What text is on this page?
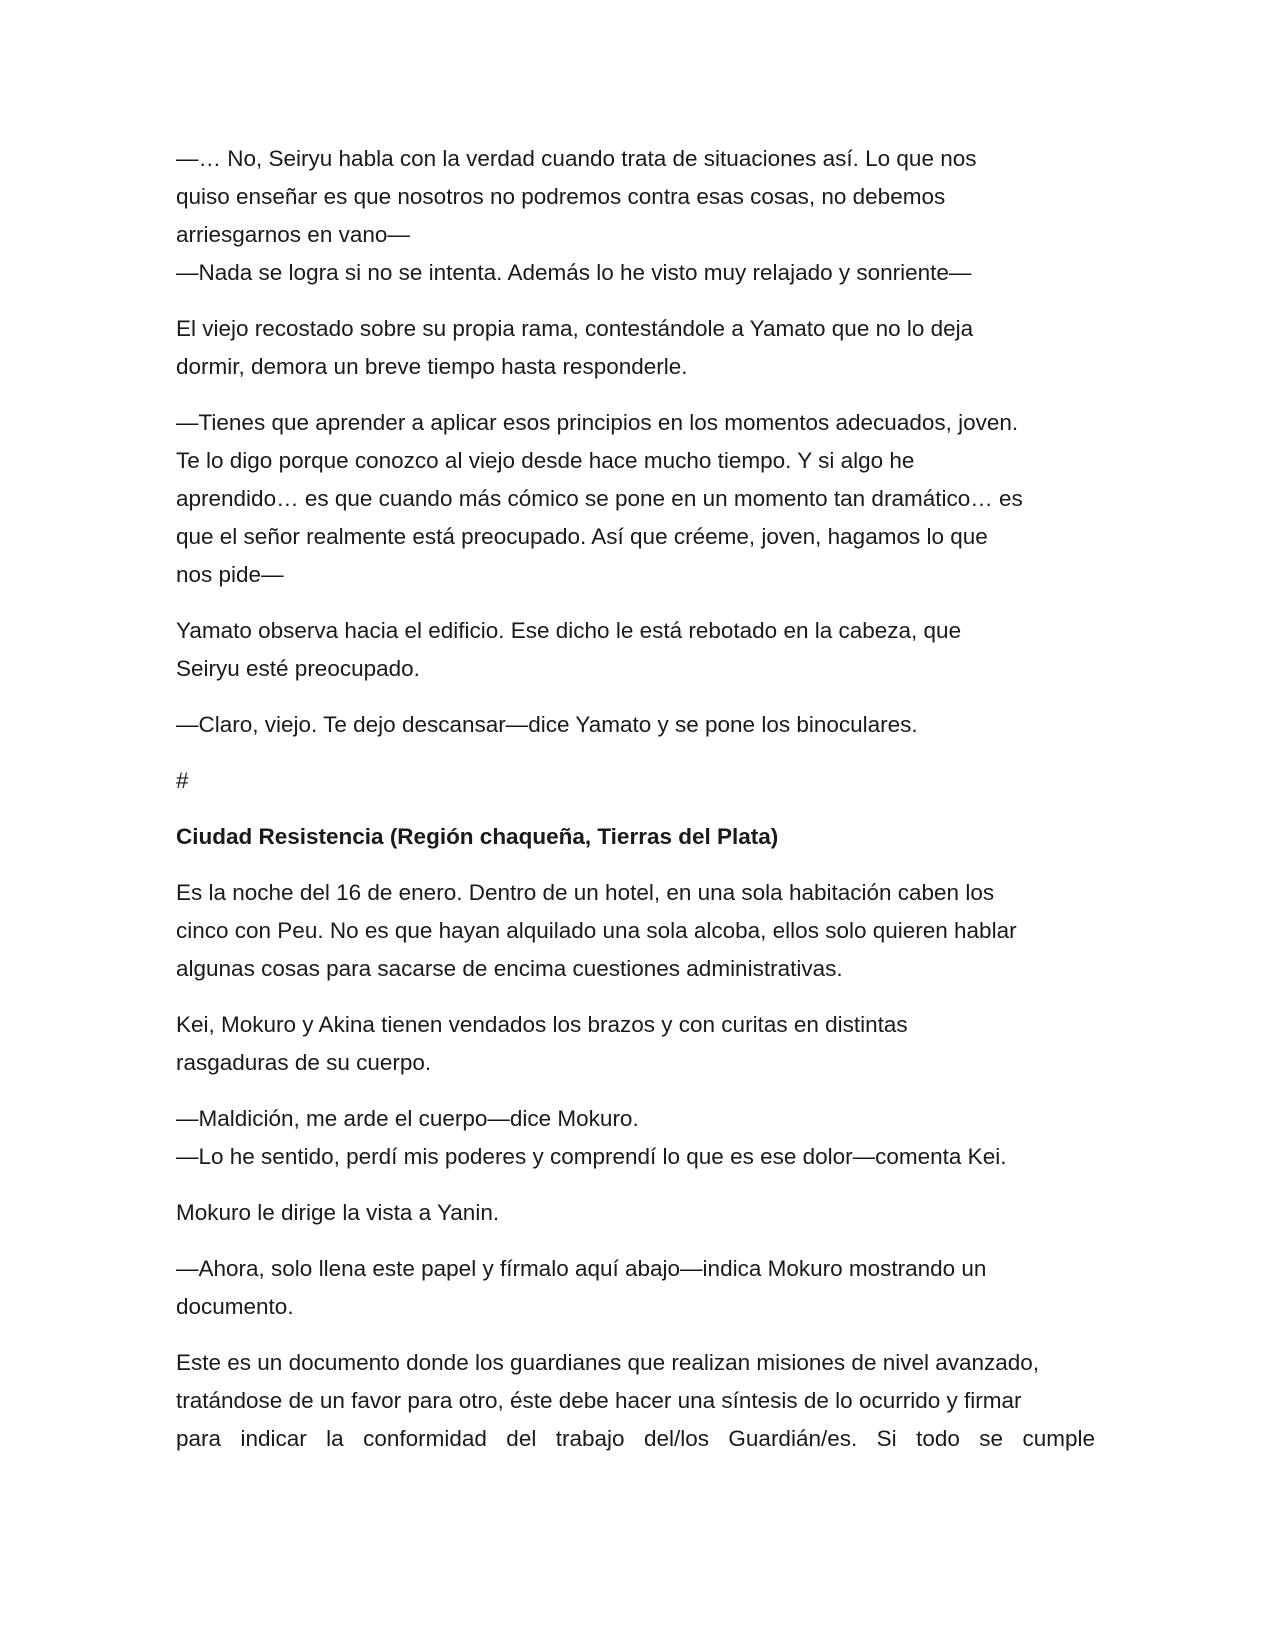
—… No, Seiryu habla con la verdad cuando trata de situaciones así. Lo que nos
quiso enseñar es que nosotros no podremos contra esas cosas, no debemos
arriesgarnos en vano—
—Nada se logra si no se intenta. Además lo he visto muy relajado y sonriente—
El viejo recostado sobre su propia rama, contestándole a Yamato que no lo deja
dormir, demora un breve tiempo hasta responderle.
—Tienes que aprender a aplicar esos principios en los momentos adecuados, joven.
Te lo digo porque conozco al viejo desde hace mucho tiempo. Y si algo he
aprendido… es que cuando más cómico se pone en un momento tan dramático… es
que el señor realmente está preocupado. Así que créeme, joven, hagamos lo que
nos pide—
Yamato observa hacia el edificio. Ese dicho le está rebotado en la cabeza, que
Seiryu esté preocupado.
—Claro, viejo. Te dejo descansar—dice Yamato y se pone los binoculares.
#
Ciudad Resistencia (Región chaqueña, Tierras del Plata)
Es la noche del 16 de enero. Dentro de un hotel, en una sola habitación caben los
cinco con Peu. No es que hayan alquilado una sola alcoba, ellos solo quieren hablar
algunas cosas para sacarse de encima cuestiones administrativas.
Kei, Mokuro y Akina tienen vendados los brazos y con curitas en distintas
rasgaduras de su cuerpo.
—Maldición, me arde el cuerpo—dice Mokuro.
—Lo he sentido, perdí mis poderes y comprendí lo que es ese dolor—comenta Kei.
Mokuro le dirige la vista a Yanin.
—Ahora, solo llena este papel y fírmalo aquí abajo—indica Mokuro mostrando un
documento.
Este es un documento donde los guardianes que realizan misiones de nivel avanzado,
tratándose de un favor para otro, éste debe hacer una síntesis de lo ocurrido y firmar
para indicar la conformidad del trabajo del/los Guardián/es. Si todo se cumple
